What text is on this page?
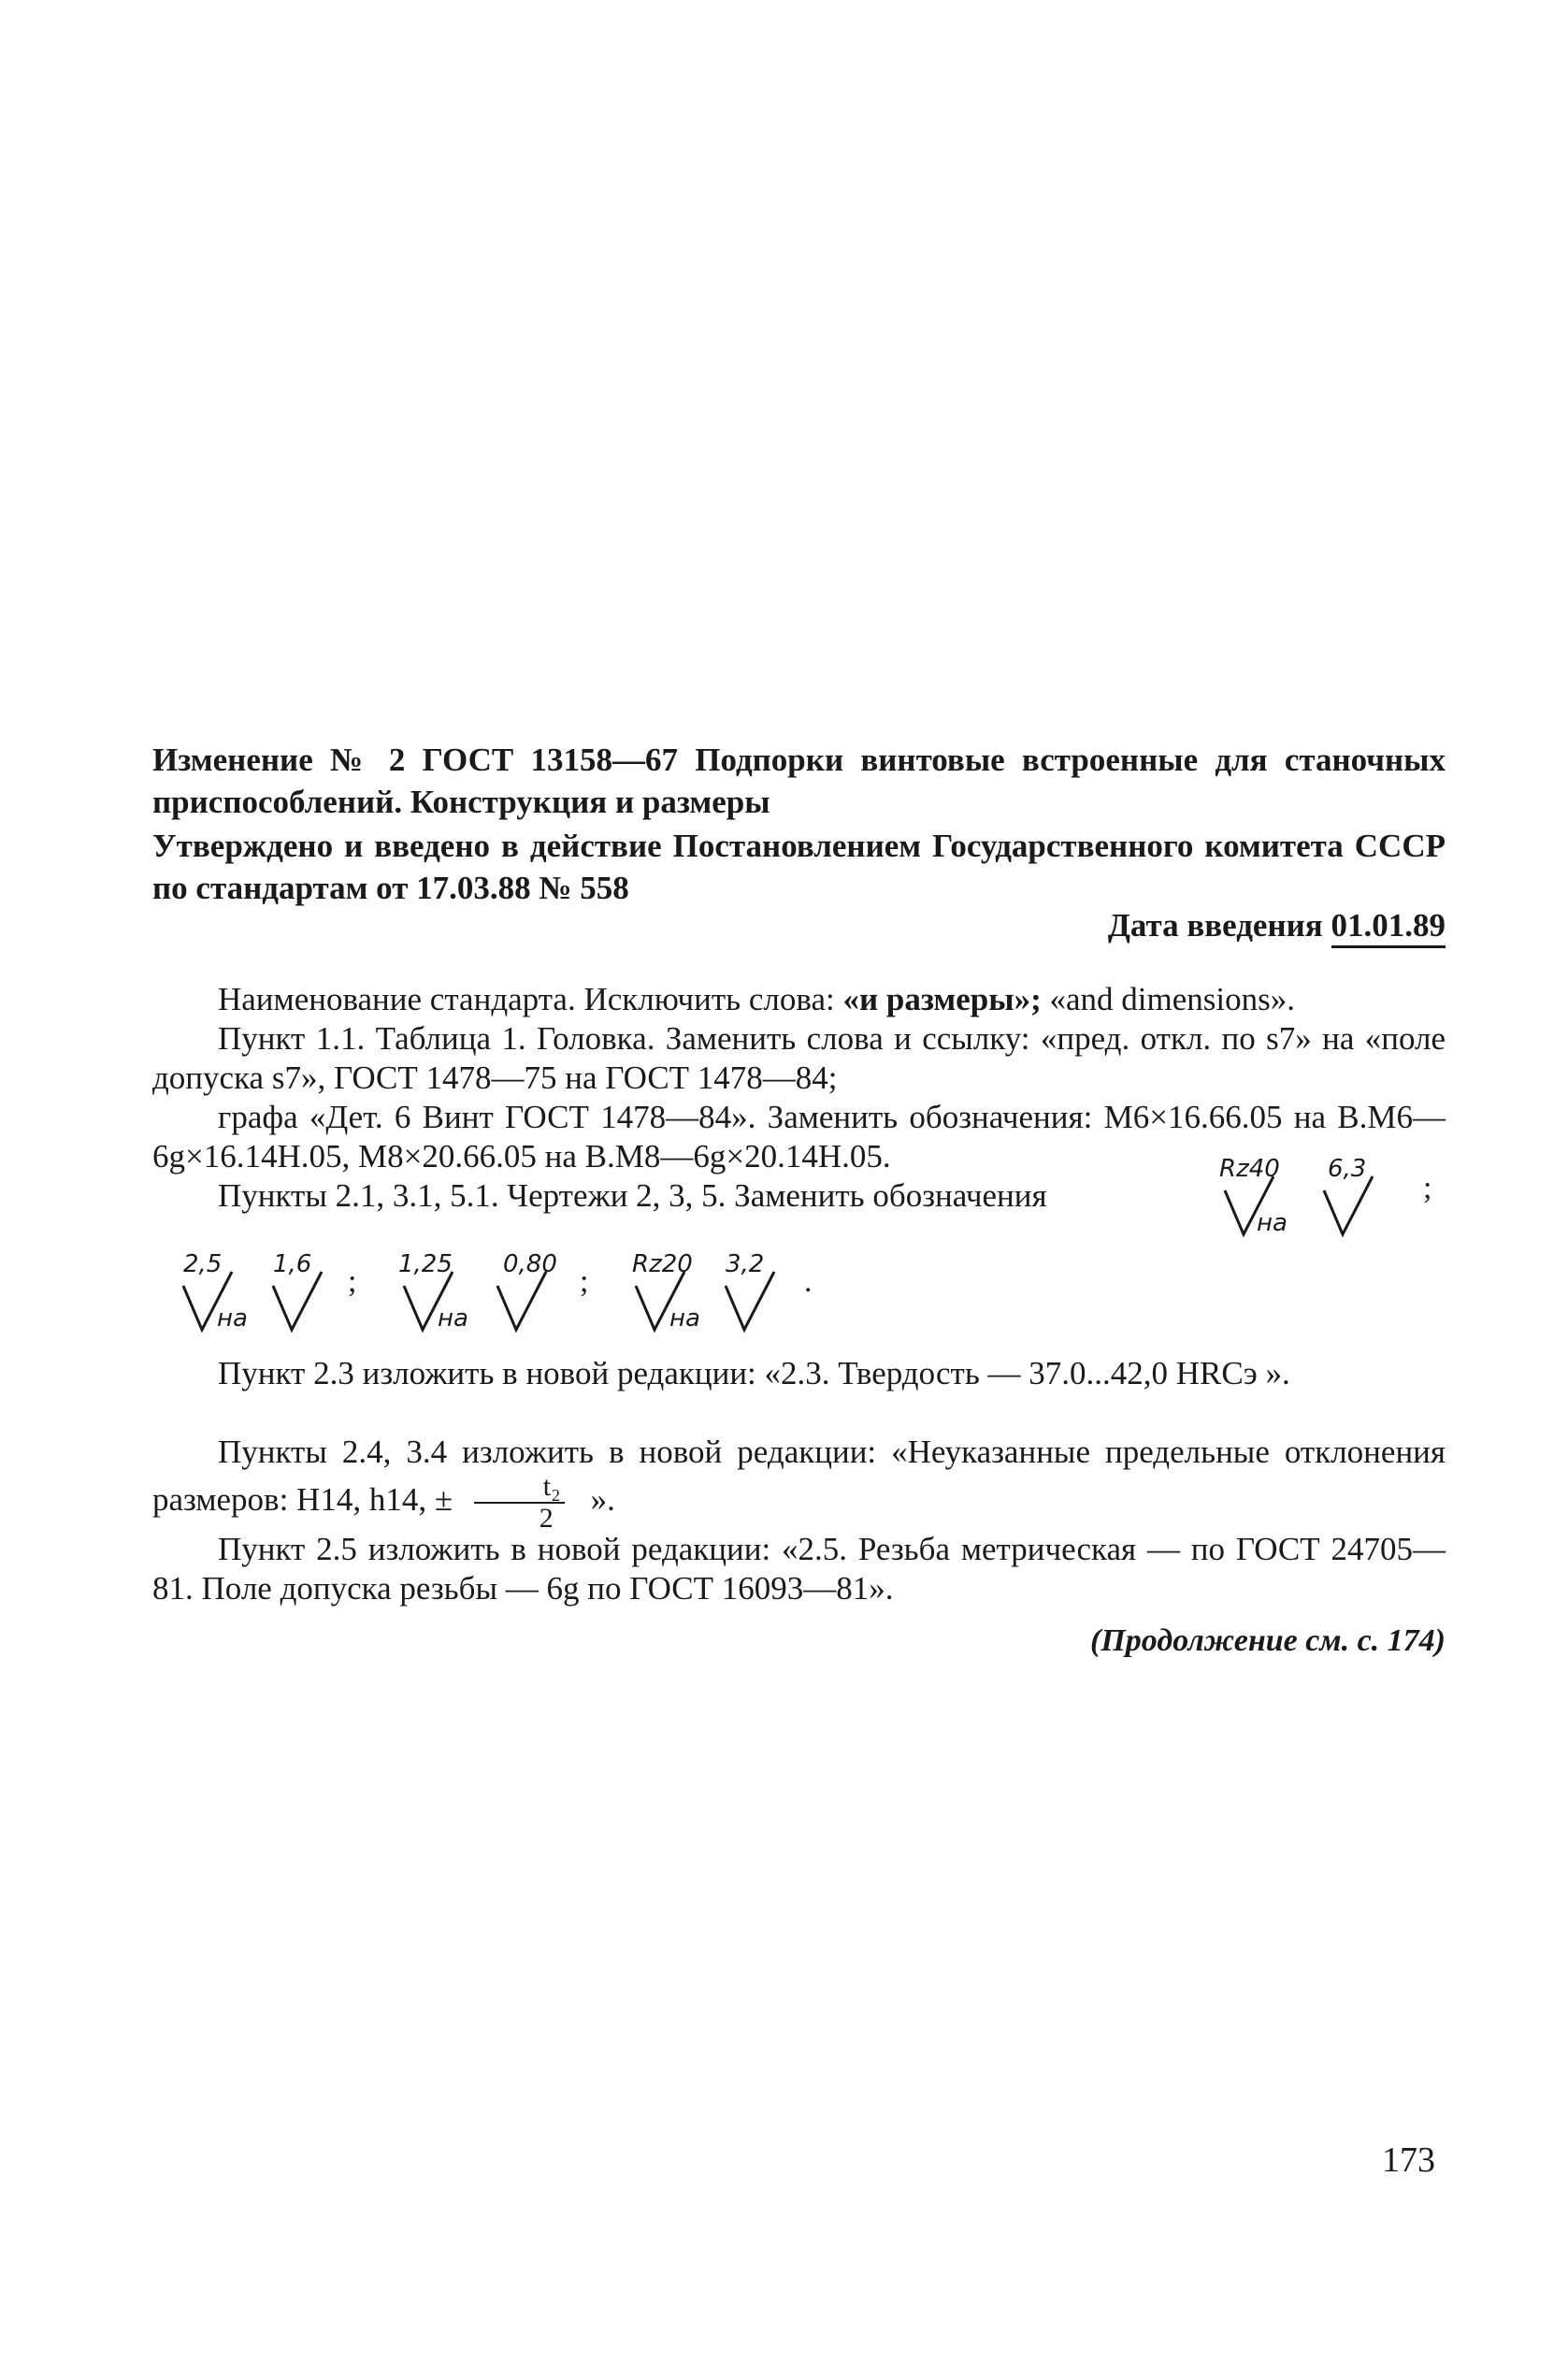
Изменение № 2 ГОСТ 13158—67 Подпорки винтовые встроенные для станочных приспособлений. Конструкция и размеры
Утверждено и введено в действие Постановлением Государственного комитета СССР по стандартам от 17.03.88 № 558
Дата введения 01.01.89
Наименование стандарта. Исключить слова: «и размеры»; «and dimensions».
Пункт 1.1. Таблица 1. Головка. Заменить слова и ссылку: «пред. откл. по s7» на «поле допуска s7», ГОСТ 1478—75 на ГОСТ 1478—84;
графа «Дет. 6 Винт ГОСТ 1478—84». Заменить обозначения: М6×16.66.05 на В.М6—6g×16.14Н.05, М8×20.66.05 на В.М8—6g×20.14Н.05.
Пункты 2.1, 3.1, 5.1. Чертежи 2, 3, 5. Заменить обозначения
Rz40
на
6,3
;
2,5
на
1,6 ; 1,25
на
0,80 ; Rz20
на
3,2 .
Пункт 2.3 изложить в новой редакции: «2.3. Твердость — 37.0...42,0 HRCэ ».
Пункты 2.4, 3.4 изложить в новой редакции: «Неуказанные предельные отклонения размеров: Н14, h14, ± $\frac{\text{t₂}}{2}$ ».
Пункт 2.5 изложить в новой редакции: «2.5. Резьба метрическая — по ГОСТ 24705—81. Поле допуска резьбы — 6g по ГОСТ 16093—81».
(Продолжение см. с. 174)
173
